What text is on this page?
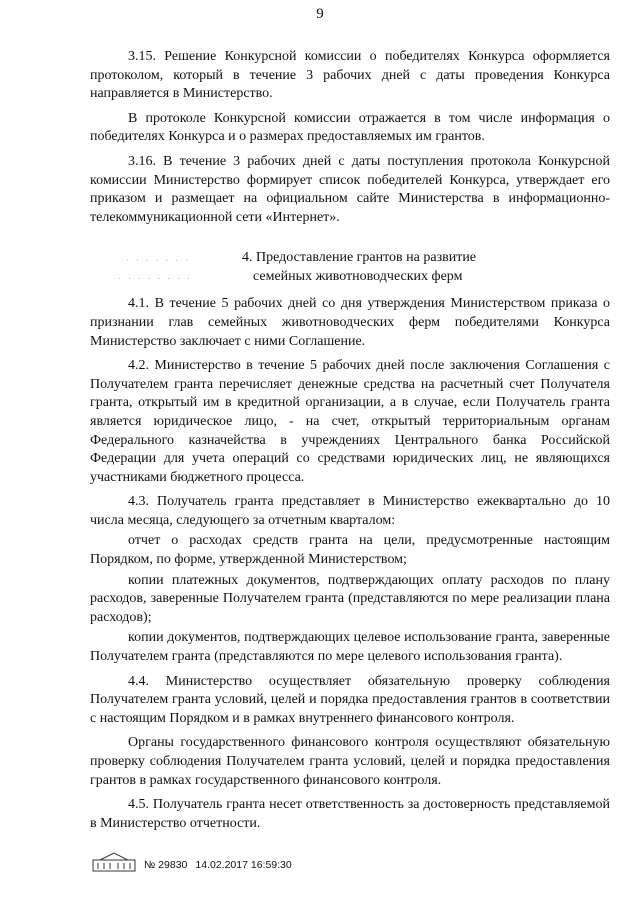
9

3.15. Решение Конкурсной комиссии о победителях Конкурса оформляется протоколом, который в течение 3 рабочих дней с даты проведения Конкурса направляется в Министерство.

В протоколе Конкурсной комиссии отражается в том числе информация о победителях Конкурса и о размерах предоставляемых им грантов.

3.16. В течение 3 рабочих дней с даты поступления протокола Конкурсной комиссии Министерство формирует список победителей Конкурса, утверждает его приказом и размещает на официальном сайте Министерства в информационно-телекоммуникационной сети «Интернет».

· · · · · · ·
· · · · · · · ·
4. Предоставление грантов на развитие
семейных животноводческих ферм

4.1. В течение 5 рабочих дней со дня утверждения Министерством приказа о признании глав семейных животноводческих ферм победителями Конкурса Министерство заключает с ними Соглашение.

4.2. Министерство в течение 5 рабочих дней после заключения Соглашения с Получателем гранта перечисляет денежные средства на расчетный счет Получателя гранта, открытый им в кредитной организации, а в случае, если Получатель гранта является юридическое лицо, - на счет, открытый территориальным органам Федерального казначейства в учреждениях Центрального банка Российской Федерации для учета операций со средствами юридических лиц, не являющихся участниками бюджетного процесса.

4.3. Получатель гранта представляет в Министерство ежеквартально до 10 числа месяца, следующего за отчетным кварталом:

отчет о расходах средств гранта на цели, предусмотренные настоящим Порядком, по форме, утвержденной Министерством;

копии платежных документов, подтверждающих оплату расходов по плану расходов, заверенные Получателем гранта (представляются по мере реализации плана расходов);

копии документов, подтверждающих целевое использование гранта, заверенные Получателем гранта (представляются по мере целевого использования гранта).

4.4. Министерство осуществляет обязательную проверку соблюдения Получателем гранта условий, целей и порядка предоставления грантов в соответствии с настоящим Порядком и в рамках внутреннего финансового контроля.

Органы государственного финансового контроля осуществляют обязательную проверку соблюдения Получателем гранта условий, целей и порядка предоставления грантов в рамках государственного финансового контроля.

4.5. Получатель гранта несет ответственность за достоверность представляемой в Министерство отчетности.

№ 29830 14.02.2017 16:59:30
